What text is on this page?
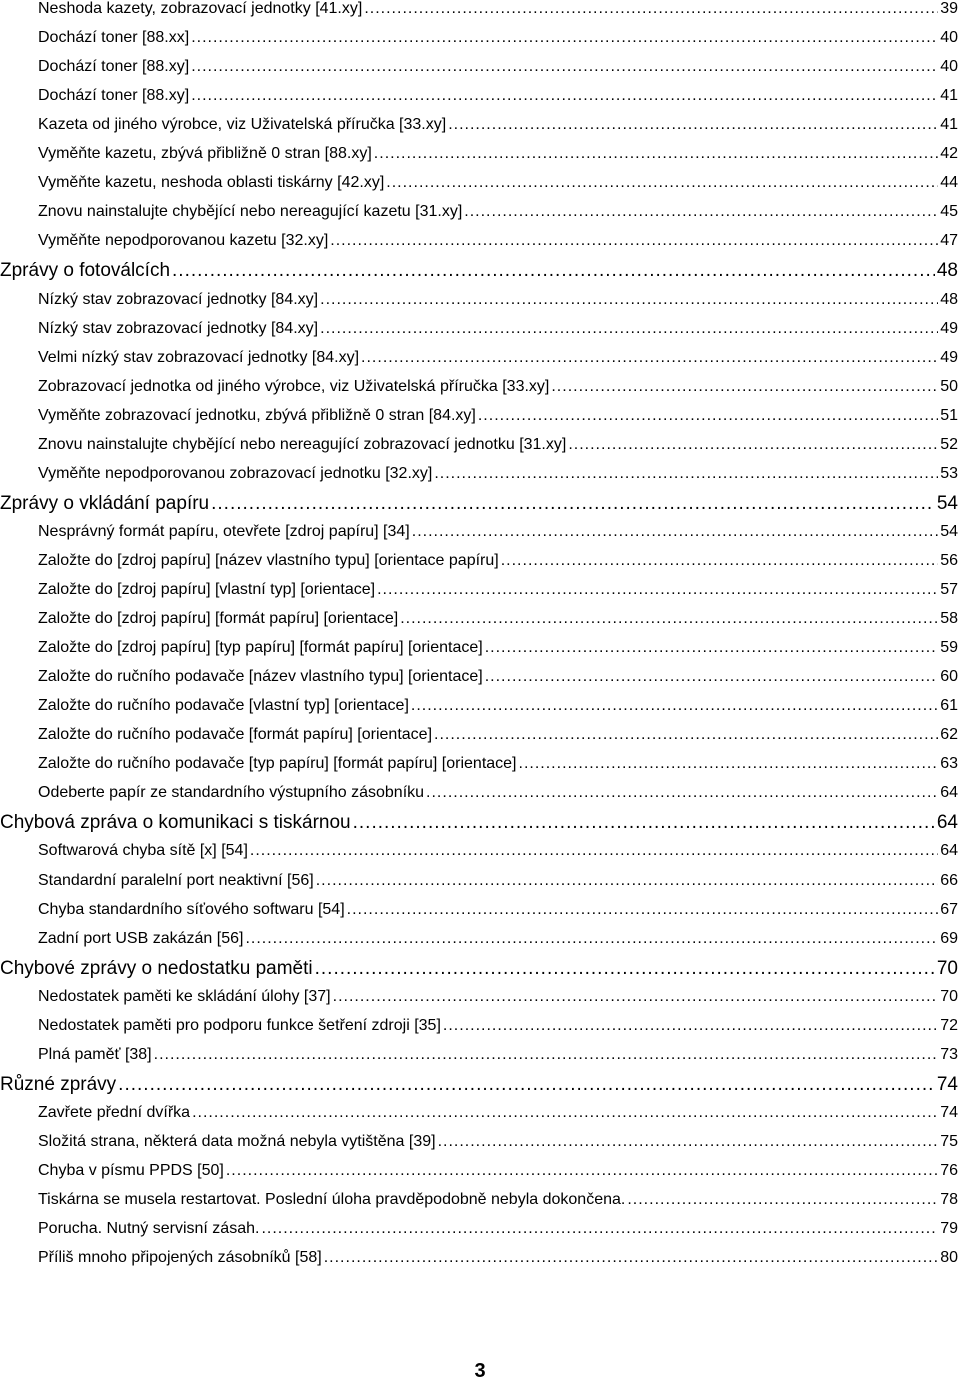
Neshoda kazety, zobrazovací jednotky [41.xy] .....	39
Dochází toner [88.xx] .....	40
Dochází toner [88.xy] .....	40
Dochází toner [88.xy] .....	41
Kazeta od jiného výrobce, viz Uživatelská příručka [33.xy] .....	41
Vyměňte kazetu, zbývá přibližně 0 stran [88.xy] .....	42
Vyměňte kazetu, neshoda oblasti tiskárny [42.xy] .....	44
Znovu nainstalujte chybějící nebo nereagující kazetu [31.xy] .....	45
Vyměňte nepodporovanou kazetu [32.xy] .....	47
Zprávy o fotoválcích .....	48
Nízký stav zobrazovací jednotky [84.xy] .....	48
Nízký stav zobrazovací jednotky [84.xy] .....	49
Velmi nízký stav zobrazovací jednotky [84.xy] .....	49
Zobrazovací jednotka od jiného výrobce, viz Uživatelská příručka [33.xy] .....	50
Vyměňte zobrazovací jednotku, zbývá přibližně 0 stran [84.xy] .....	51
Znovu nainstalujte chybějící nebo nereagující zobrazovací jednotku [31.xy] .....	52
Vyměňte nepodporovanou zobrazovací jednotku [32.xy] .....	53
Zprávy o vkládání papíru .....	54
Nesprávný formát papíru, otevřete [zdroj papíru] [34] .....	54
Založte do [zdroj papíru] [název vlastního typu] [orientace papíru] .....	56
Založte do [zdroj papíru] [vlastní typ] [orientace] .....	57
Založte do [zdroj papíru] [formát papíru] [orientace] .....	58
Založte do [zdroj papíru] [typ papíru] [formát papíru] [orientace] .....	59
Založte do ručního podavače [název vlastního typu] [orientace] .....	60
Založte do ručního podavače [vlastní typ] [orientace] .....	61
Založte do ručního podavače [formát papíru] [orientace] .....	62
Založte do ručního podavače [typ papíru] [formát papíru] [orientace] .....	63
Odeberte papír ze standardního výstupního zásobníku .....	64
Chybová zpráva o komunikaci s tiskárnou .....	64
Softwarová chyba sítě [x] [54] .....	64
Standardní paralelní port neaktivní [56] .....	66
Chyba standardního síťového softwaru [54] .....	67
Zadní port USB zakázán [56] .....	69
Chybové zprávy o nedostatku paměti .....	70
Nedostatek paměti ke skládání úlohy [37] .....	70
Nedostatek paměti pro podporu funkce šetření zdroji [35] .....	72
Plná paměť [38] .....	73
Různé zprávy .....	74
Zavřete přední dvířka .....	74
Složitá strana, některá data možná nebyla vytištěna [39] .....	75
Chyba v písmu PPDS [50] .....	76
Tiskárna se musela restartovat. Poslední úloha pravděpodobně nebyla dokončena. .....	78
Porucha. Nutný servisní zásah. .....	79
Příliš mnoho připojených zásobníků [58] .....	80
3
